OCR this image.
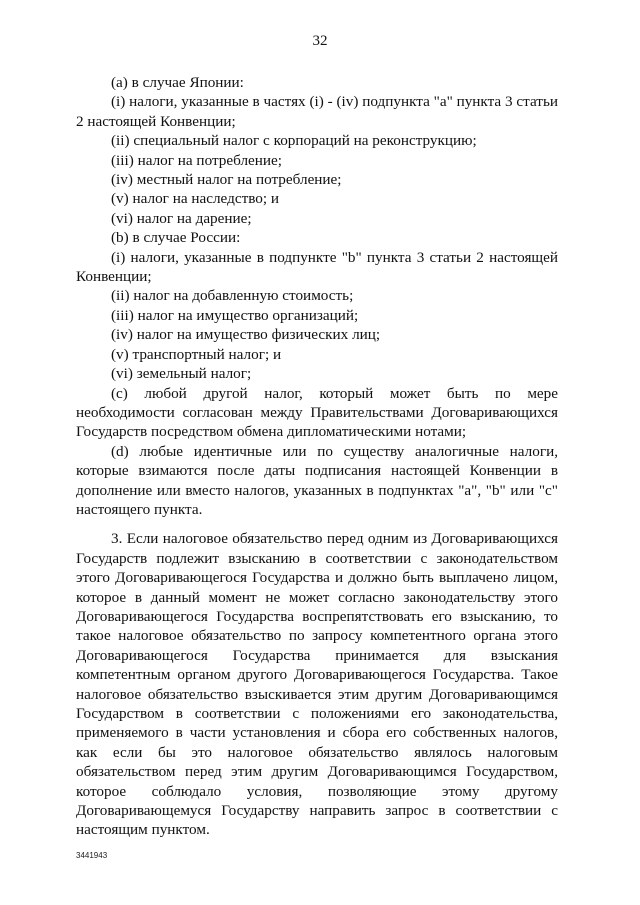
32

(а) в случае Японии:

(i) налоги, указанные в частях (i) - (iv) подпункта "а" пункта 3 статьи 2 настоящей Конвенции;

(ii) специальный налог с корпораций на реконструкцию;

(iii) налог на потребление;

(iv) местный налог на потребление;

(v) налог на наследство; и

(vi) налог на дарение;

(b) в случае России:

(i) налоги, указанные в подпункте "b" пункта 3 статьи 2 настоящей Конвенции;

(ii) налог на добавленную стоимость;

(iii) налог на имущество организаций;

(iv) налог на имущество физических лиц;

(v) транспортный налог; и

(vi) земельный налог;

(с) любой другой налог, который может быть по мере необходимости согласован между Правительствами Договаривающихся Государств посредством обмена дипломатическими нотами;

(d) любые идентичные или по существу аналогичные налоги, которые взимаются после даты подписания настоящей Конвенции в дополнение или вместо налогов, указанных в подпунктах "а", "b" или "с" настоящего пункта.

3. Если налоговое обязательство перед одним из Договаривающихся Государств подлежит взысканию в соответствии с законодательством этого Договаривающегося Государства и должно быть выплачено лицом, которое в данный момент не может согласно законодательству этого Договаривающегося Государства воспрепятствовать его взысканию, то такое налоговое обязательство по запросу компетентного органа этого Договаривающегося Государства принимается для взыскания компетентным органом другого Договаривающегося Государства. Такое налоговое обязательство взыскивается этим другим Договаривающимся Государством в соответствии с положениями его законодательства, применяемого в части установления и сбора его собственных налогов, как если бы это налоговое обязательство являлось налоговым обязательством перед этим другим Договаривающимся Государством, которое соблюдало условия, позволяющие этому другому Договаривающемуся Государству направить запрос в соответствии с настоящим пунктом.

3441943
